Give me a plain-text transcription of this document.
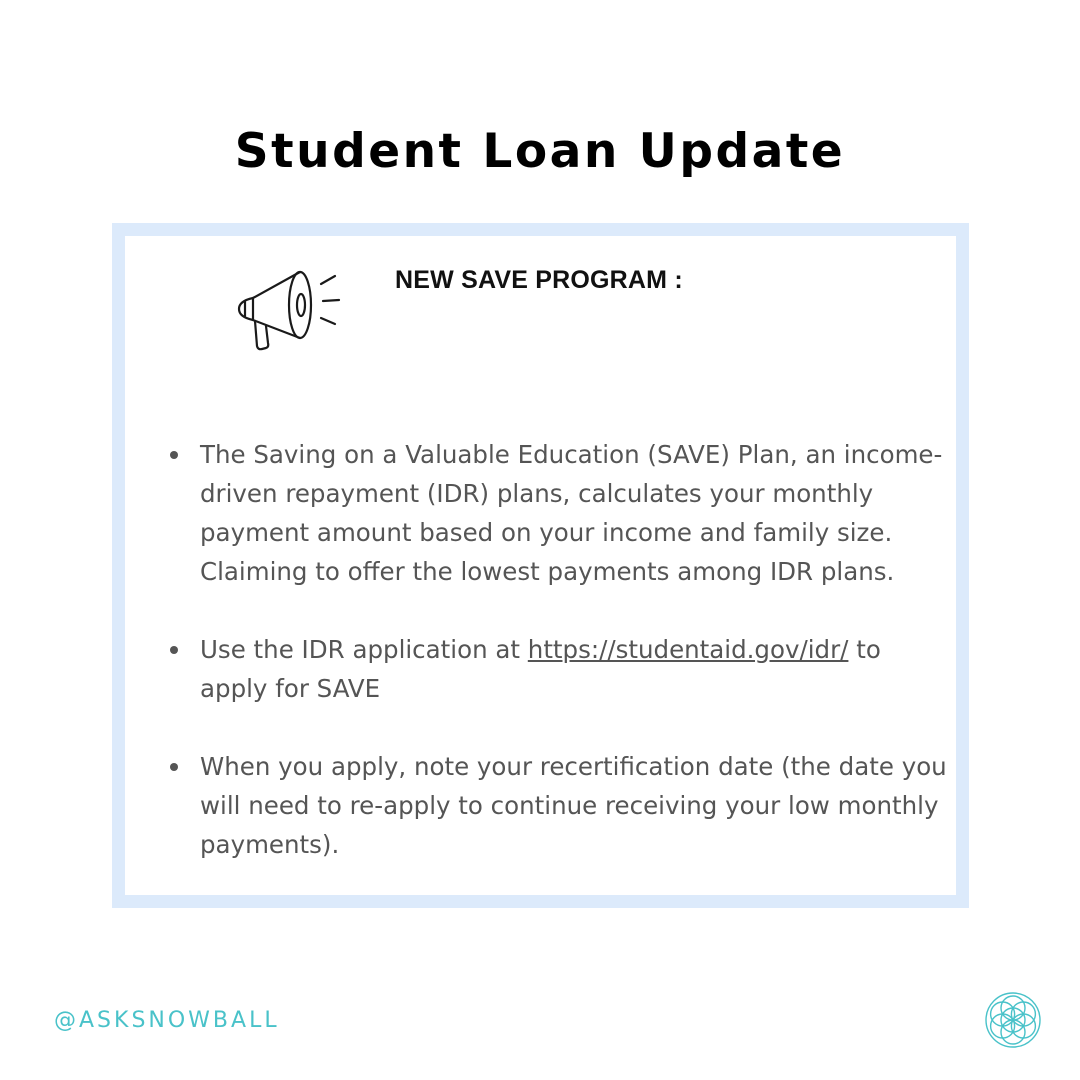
Student Loan Update
NEW SAVE PROGRAM :
The Saving on a Valuable Education (SAVE) Plan, an income-driven repayment (IDR) plans, calculates your monthly payment amount based on your income and family size. Claiming to offer the lowest payments among IDR plans.
Use the IDR application at https://studentaid.gov/idr/ to apply for SAVE
When you apply, note your recertification date (the date you will need to re-apply to continue receiving your low monthly payments).
@ASKSNOWBALL
